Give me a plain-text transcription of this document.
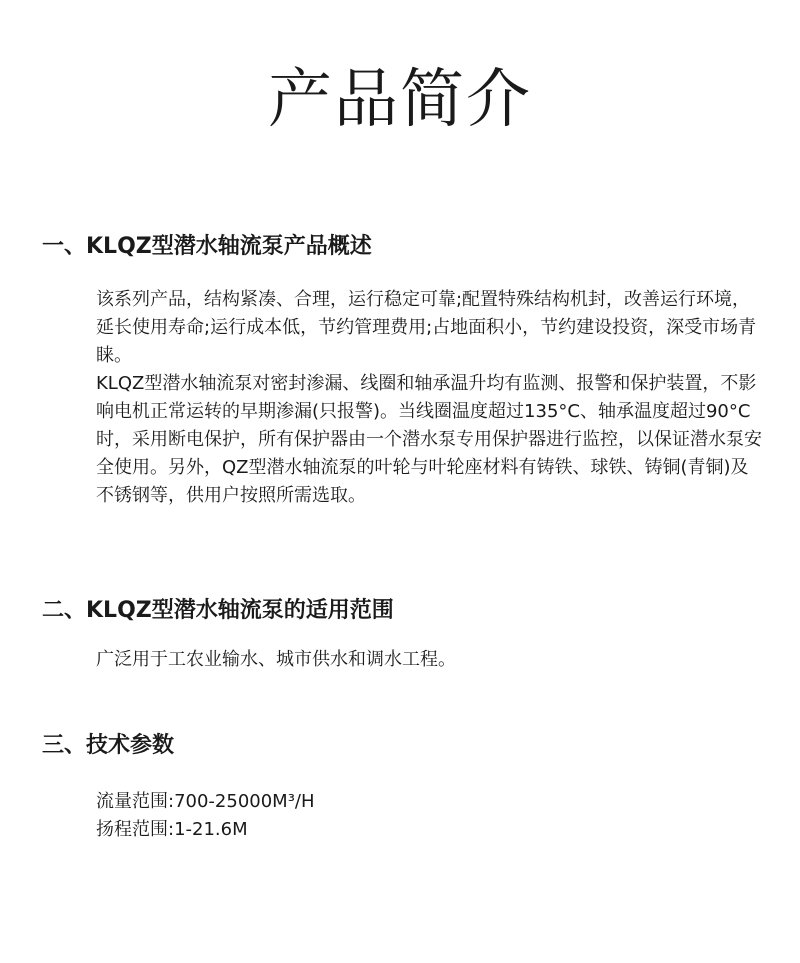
产品简介
一、KLQZ型潜水轴流泵产品概述

该系列产品，结构紧凑、合理，运行稳定可靠;配置特殊结构机封，改善运行环境，延长使用寿命;运行成本低，节约管理费用;占地面积小，节约建设投资，深受市场青睐。

KLQZ型潜水轴流泵对密封渗漏、线圈和轴承温升均有监测、报警和保护装置，不影响电机正常运转的早期渗漏(只报警)。当线圈温度超过135°C、轴承温度超过90°C时，采用断电保护，所有保护器由一个潜水泵专用保护器进行监控，以保证潜水泵安全使用。另外，QZ型潜水轴流泵的叶轮与叶轮座材料有铸铁、球铁、铸铜(青铜)及不锈钢等，供用户按照所需选取。

二、KLQZ型潜水轴流泵的适用范围

广泛用于工农业输水、城市供水和调水工程。

三、技术参数

流量范围:700-25000M³/H

扬程范围:1-21.6M
